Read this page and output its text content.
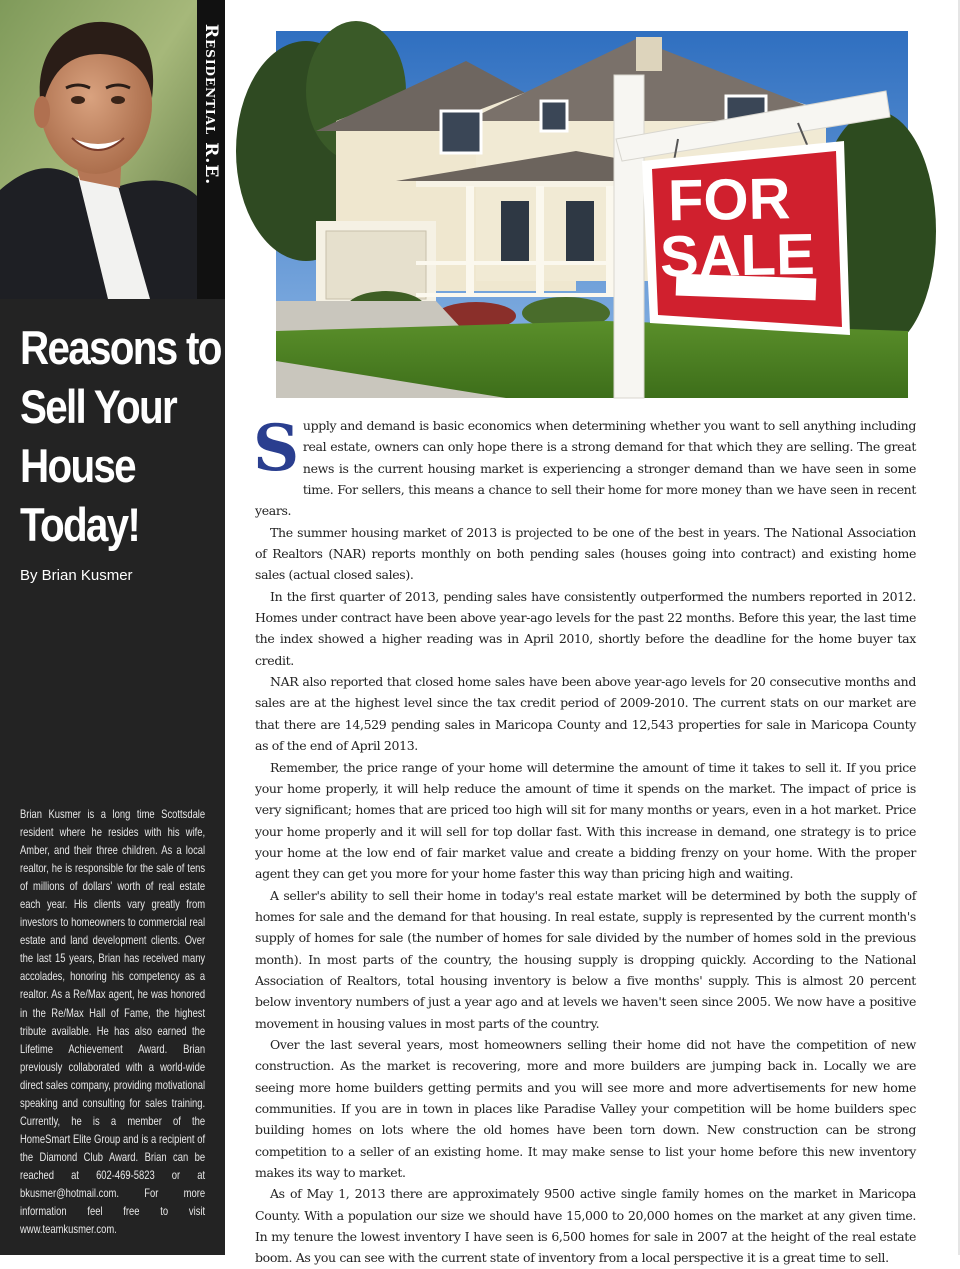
Residential R.E.
Reasons to
Sell Your
House
Today!
By Brian Kusmer

Brian Kusmer is a long time Scottsdale resident where he resides with his wife, Amber, and their three children. As a local realtor, he is responsible for the sale of tens of millions of dollars' worth of real estate each year. His clients vary greatly from investors to homeowners to commercial real estate and land development clients. Over the last 15 years, Brian has received many accolades, honoring his competency as a realtor. As a Re/Max agent, he was honored in the Re/Max Hall of Fame, the highest tribute available. He has also earned the Lifetime Achievement Award. Brian previously collaborated with a world-wide direct sales company, providing motivational speaking and consulting for sales training. Currently, he is a member of the HomeSmart Elite Group and is a recipient of the Diamond Club Award. Brian can be reached at 602-469-5823 or at bkusmer@hotmail.com. For more information feel free to visit www.teamkusmer.com.

FOR
SALE

Supply and demand is basic economics when determining whether you want to sell anything including real estate, owners can only hope there is a strong demand for that which they are selling. The great news is the current housing market is experiencing a stronger demand than we have seen in some time. For sellers, this means a chance to sell their home for more money than we have seen in recent years.

The summer housing market of 2013 is projected to be one of the best in years. The National Association of Realtors (NAR) reports monthly on both pending sales (houses going into contract) and existing home sales (actual closed sales).

In the first quarter of 2013, pending sales have consistently outperformed the numbers reported in 2012. Homes under contract have been above year-ago levels for the past 22 months. Before this year, the last time the index showed a higher reading was in April 2010, shortly before the deadline for the home buyer tax credit.

NAR also reported that closed home sales have been above year-ago levels for 20 consecutive months and sales are at the highest level since the tax credit period of 2009-2010. The current stats on our market are that there are 14,529 pending sales in Maricopa County and 12,543 properties for sale in Maricopa County as of the end of April 2013.

Remember, the price range of your home will determine the amount of time it takes to sell it. If you price your home properly, it will help reduce the amount of time it spends on the market. The impact of price is very significant; homes that are priced too high will sit for many months or years, even in a hot market. Price your home properly and it will sell for top dollar fast. With this increase in demand, one strategy is to price your home at the low end of fair market value and create a bidding frenzy on your home. With the proper agent they can get you more for your home faster this way than pricing high and waiting.

A seller's ability to sell their home in today's real estate market will be determined by both the supply of homes for sale and the demand for that housing. In real estate, supply is represented by the current month's supply of homes for sale (the number of homes for sale divided by the number of homes sold in the previous month). In most parts of the country, the housing supply is dropping quickly. According to the National Association of Realtors, total housing inventory is below a five months' supply. This is almost 20 percent below inventory numbers of just a year ago and at levels we haven't seen since 2005. We now have a positive movement in housing values in most parts of the country.

Over the last several years, most homeowners selling their home did not have the competition of new construction. As the market is recovering, more and more builders are jumping back in. Locally we are seeing more home builders getting permits and you will see more and more advertisements for new home communities. If you are in town in places like Paradise Valley your competition will be home builders spec building homes on lots where the old homes have been torn down. New construction can be strong competition to a seller of an existing home. It may make sense to list your home before this new inventory makes its way to market.

As of May 1, 2013 there are approximately 9500 active single family homes on the market in Maricopa County. With a population our size we should have 15,000 to 20,000 homes on the market at any given time. In my tenure the lowest inventory I have seen is 6,500 homes for sale in 2007 at the height of the real estate boom. As you can see with the current state of inventory from a local perspective it is a great time to sell.
